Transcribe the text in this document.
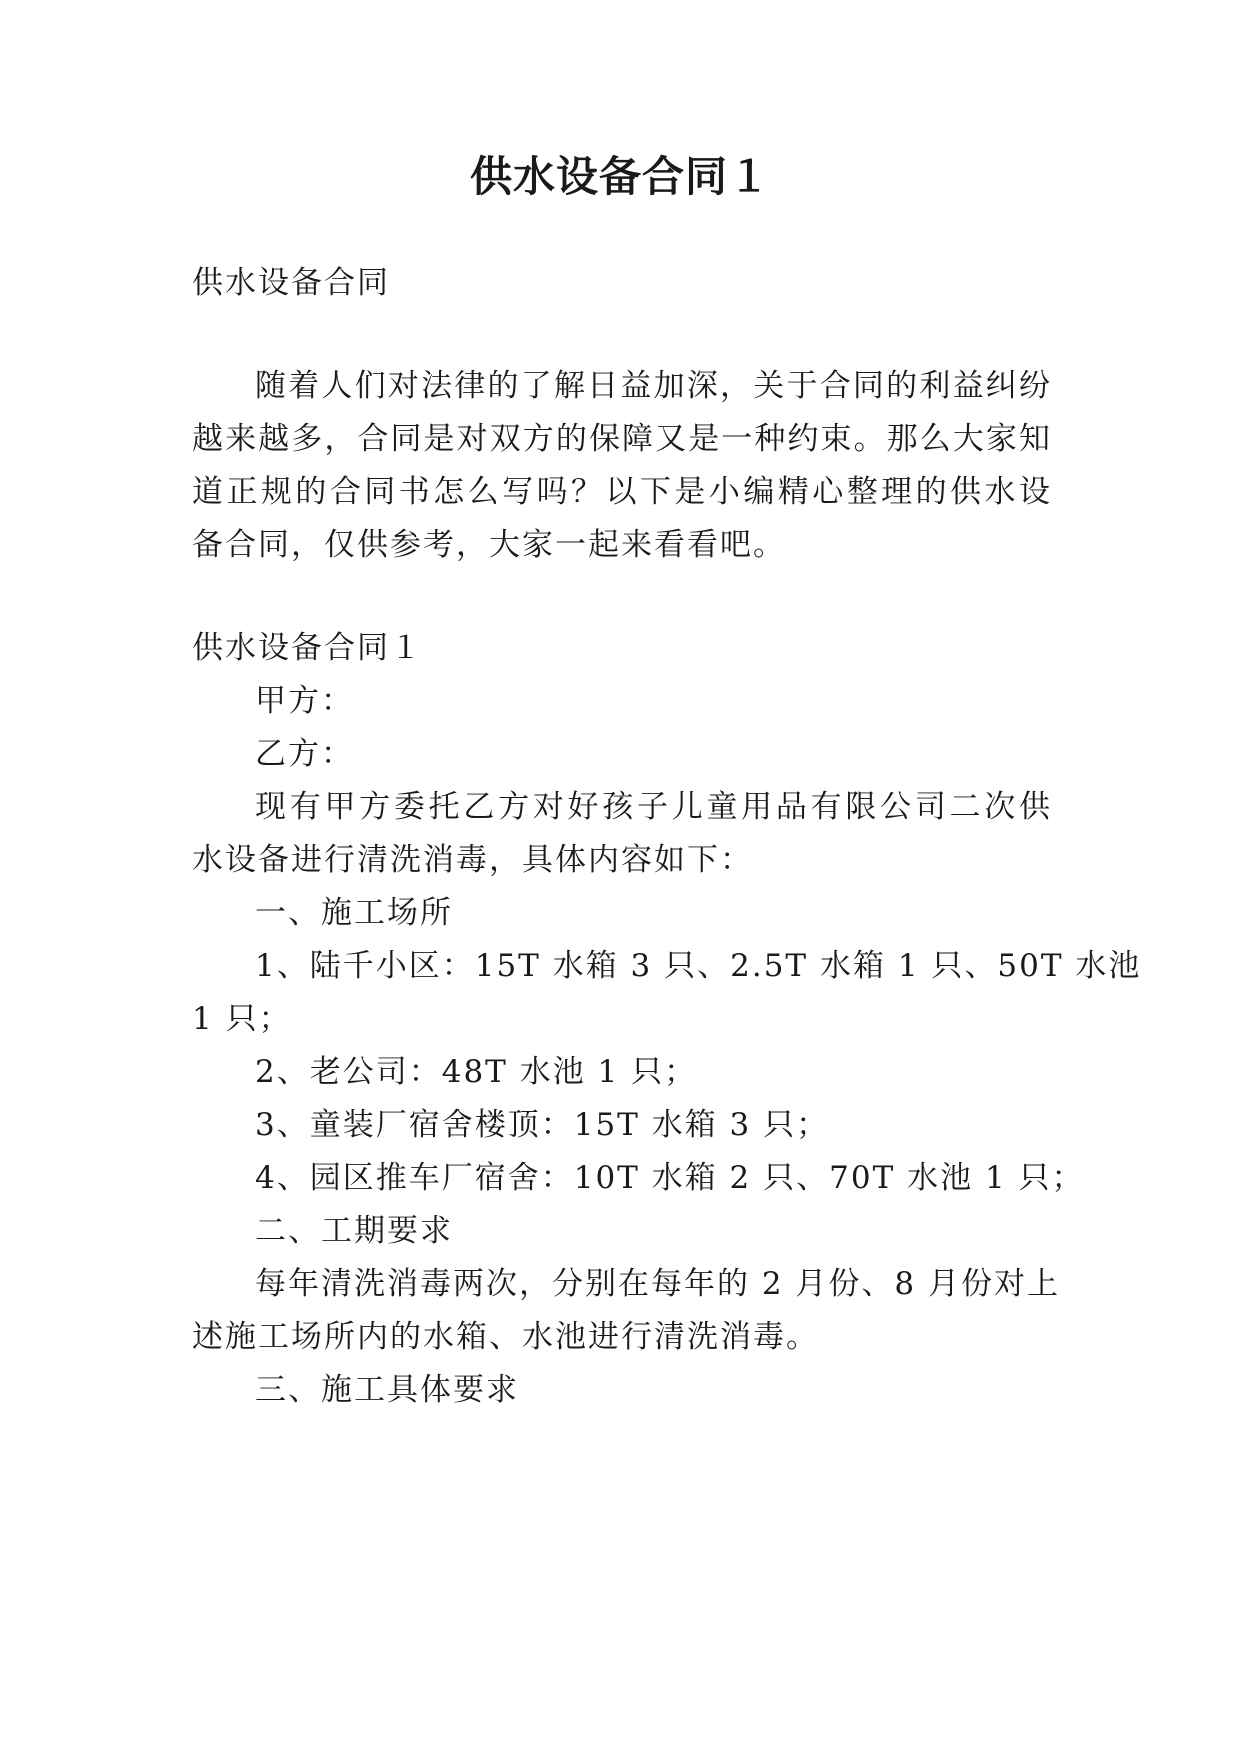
供水设备合同１

供水设备合同

随着人们对法律的了解日益加深，关于合同的利益纠纷

越来越多，合同是对双方的保障又是一种约束。那么大家知

道正规的合同书怎么写吗？以下是小编精心整理的供水设

备合同，仅供参考，大家一起来看看吧。

供水设备合同１

甲方：

乙方：

现有甲方委托乙方对好孩子儿童用品有限公司二次供

水设备进行清洗消毒，具体内容如下：

一、施工场所

1、陆千小区：15T 水箱 3 只、2.5T 水箱 1 只、50T 水池

1 只；

2、老公司：48T 水池 1 只；

3、童装厂宿舍楼顶：15T 水箱 3 只；

4、园区推车厂宿舍：10T 水箱 2 只、70T 水池 1 只；

二、工期要求

每年清洗消毒两次，分别在每年的 2 月份、8 月份对上

述施工场所内的水箱、水池进行清洗消毒。

三、施工具体要求
